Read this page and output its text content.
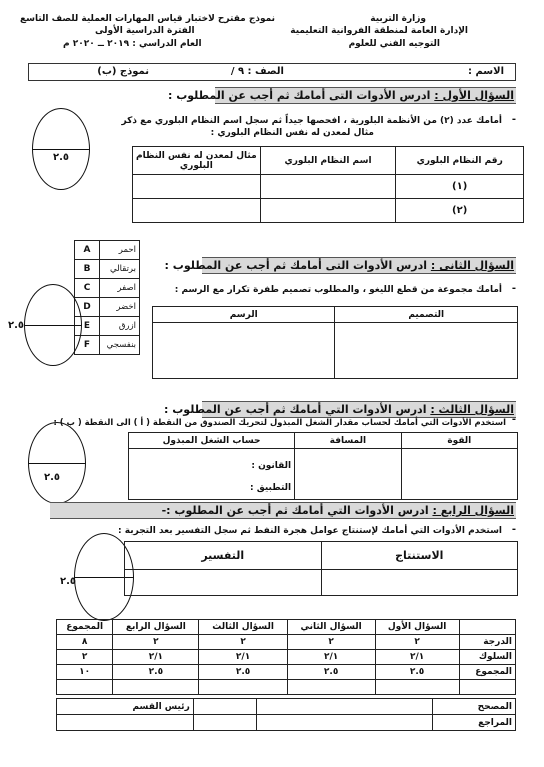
وزارة التربية
الإدارة العامة لمنطقة الفروانية التعليمية
التوجيه الفني للعلوم
نموذج مقترح لاختبار قياس المهارات العملية للصف التاسع
الفترة الدراسية الأولى
العام الدراسي : ٢٠١٩ ــ ٢٠٢٠ م
الاسم :
الصف : ٩ /
نموذج (ب)
السؤال الأول : ادرس الأدوات التى أمامك ثم أجب عن المطلوب :
-
أمامك عدد (٢) من الأنظمة البلورية ، افحصها جيداً ثم سجل اسم النظام البلوري مع ذكر
مثال لمعدن له نفس النظام البلوري :
٢.٥	رقم النظام البلوري	اسم النظام البلوري	مثال لمعدن له نفس النظام البلوري
(١)		
(٢)		
احمر	A
برتقالي	B
اصفر	C
اخضر	D
ازرق	E
بنفسجي	F
السؤال الثانى : ادرس الأدوات التى أمامك ثم أجب عن المطلوب :
-
أمامك مجموعة من قطع الليغو ، والمطلوب تصميم طفرة تكرار مع الرسم :
٢.٥
التصميم	الرسم

السؤال الثالث : ادرس الأدوات التي أمامك ثم أجب عن المطلوب :
-
استخدم الأدوات التي أمامك لحساب مقدار الشغل المبذول لتحريك الصندوق من النقطة ( أ ) الى النقطة ( ب ) :
٢.٥
القوة	المسافة	حساب الشغل المبذول

		القانون :
التطبيق :
السؤال الرابع : ادرس الأدوات التي أمامك ثم أجب عن المطلوب :-
-
استخدم الأدوات التي أمامك لإستنتاج عوامل هجرة النفط ثم سجل التفسير بعد التجربة :
٢.٥
الاستنتاج	التفسير

	السؤال الأول	السؤال الثاني	السؤال الثالث	السؤال الرابع	المجموع
الدرجة	٢	٢	٢	٢	٨
السلوك	٢/١	٢/١	٢/١	٢/١	٢
المجموع	٢.٥	٢.٥	٢.٥	٢.٥	١٠

المصحح			رئيس القسم
المراجع			
